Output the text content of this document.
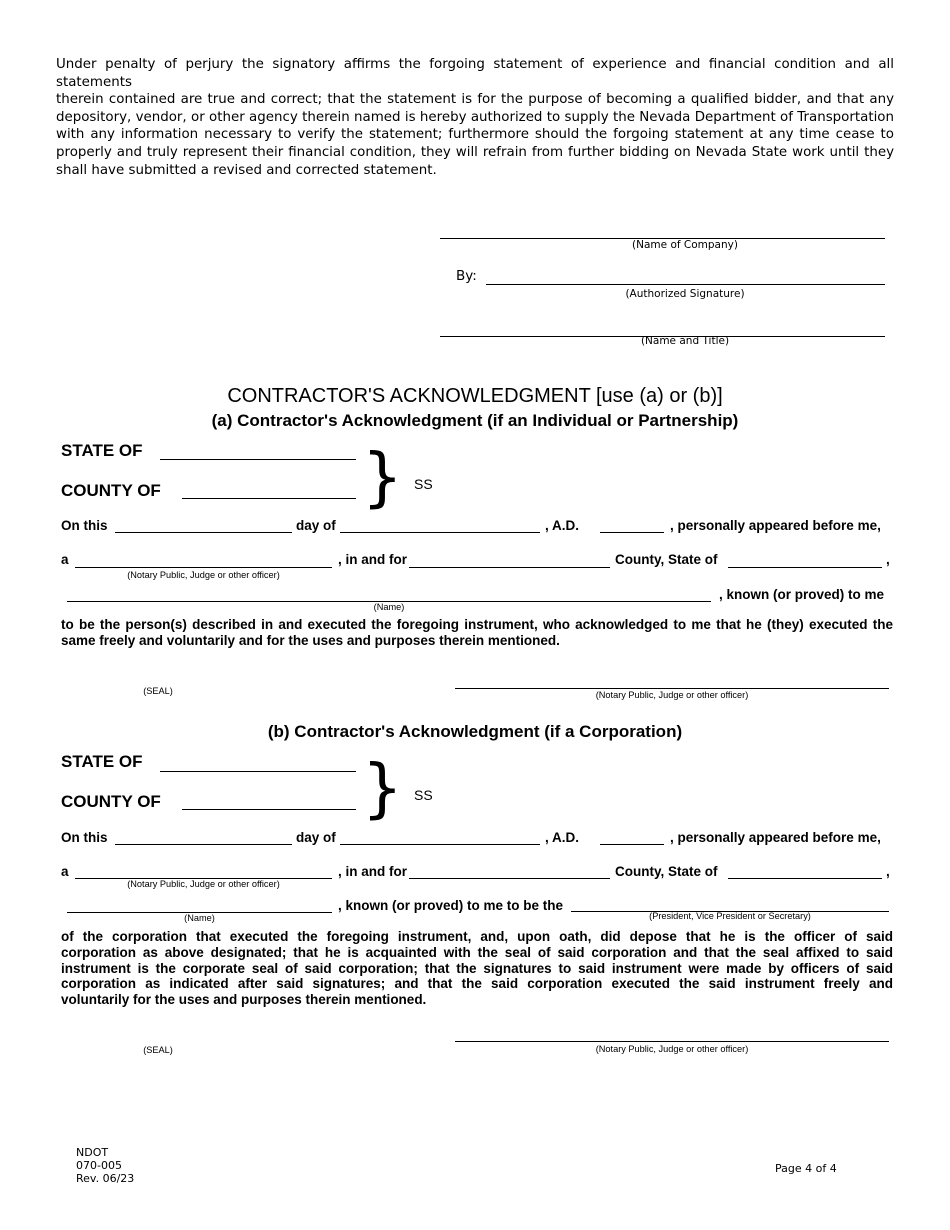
Under penalty of perjury the signatory affirms the forgoing statement of experience and financial condition and all statements
therein contained are true and correct; that the statement is for the purpose of becoming a qualified bidder, and that any
depository, vendor, or other agency therein named is hereby authorized to supply the Nevada Department of Transportation
with any information necessary to verify the statement; furthermore should the forgoing statement at any time cease to
properly and truly represent their financial condition, they will refrain from further bidding on Nevada State work until they
shall have submitted a revised and corrected statement.
(Name of Company)
By:
(Authorized Signature)
(Name and Title)
CONTRACTOR'S ACKNOWLEDGMENT [use (a) or (b)]
(a) Contractor's Acknowledgment (if an Individual or Partnership)
STATE OF
COUNTY OF	} SS
On this	day of	, A.D.	, personally appeared before me,
a
(Notary Public, Judge or other officer)
, in and for	County, State of	,
(Name)
, known (or proved) to me
to be the person(s) described in and executed the foregoing instrument, who acknowledged to me that he (they) executed the
same freely and voluntarily and for the uses and purposes therein mentioned.
(SEAL)	(Notary Public, Judge or other officer)
(b) Contractor's Acknowledgment (if a Corporation)
STATE OF
COUNTY OF	} SS
On this	day of	, A.D.	, personally appeared before me,
a
(Notary Public, Judge or other officer)
, in and for	County, State of	,
(Name)
, known (or proved) to me to be the
(President, Vice President or Secretary)
of the corporation that executed the foregoing instrument, and, upon oath, did depose that he is the officer of said
corporation as above designated; that he is acquainted with the seal of said corporation and that the seal affixed to said
instrument is the corporate seal of said corporation; that the signatures to said instrument were made by officers of said
corporation as indicated after said signatures; and that the said corporation executed the said instrument freely and
voluntarily for the uses and purposes therein mentioned.
(SEAL)	(Notary Public, Judge or other officer)
NDOT
070-005
Rev. 06/23
Page 4 of 4
